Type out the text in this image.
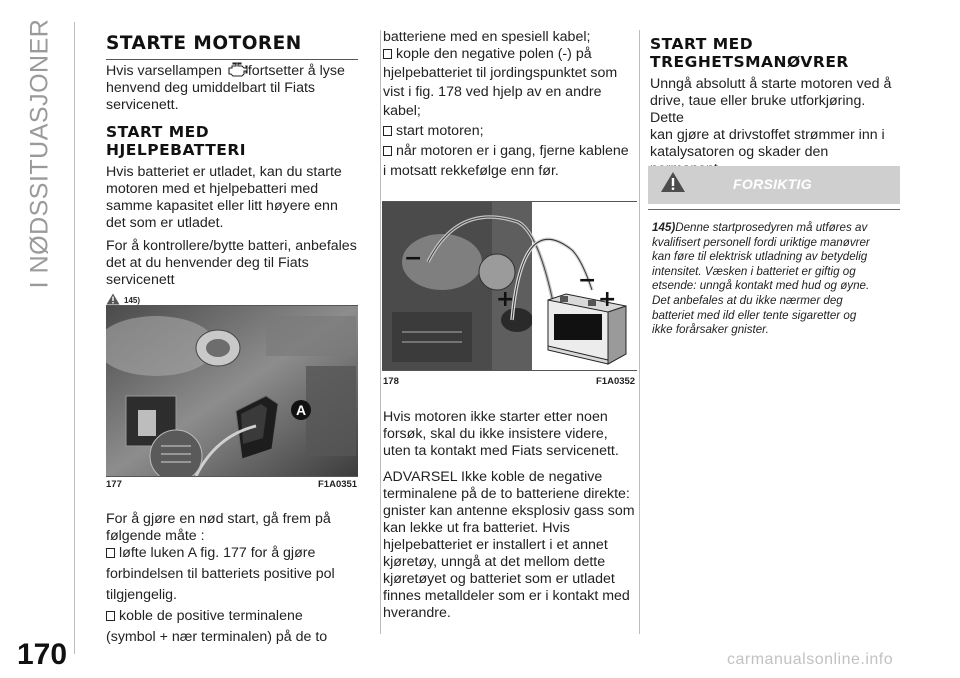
I NØDSSITUASJONER	STARTE MOTOREN

Hvis varsellampen fortsetter å lyse

henvend deg umiddelbart til Fiats

servicenett.

START MED
HJELPEBATTERI

Hvis batteriet er utladet, kan du starte

motoren med et hjelpebatteri med

samme kapasitet eller litt høyere enn

det som er utladet.

For å kontrollere/bytte batteri, anbefales

det at du henvender deg til Fiats

servicenett

145)
A
177	F1A0351

For å gjøre en nød start, gå frem på

følgende måte :

løfte luken A fig. 177 for å gjøre

forbindelsen til batteriets positive pol

tilgjengelig.

koble de positive terminalene

(symbol + nær terminalen) på de to

batteriene med en spesiell kabel;

kople den negative polen (-) på

hjelpebatteriet til jordingspunktet som

vist i fig. 178 ved hjelp av en andre

kabel;

start motoren;
når motoren er i gang, fjerne kablene

i motsatt rekkefølge enn før.

−
+
−
+
178	F1A0352

Hvis motoren ikke starter etter noen

forsøk, skal du ikke insistere videre,

uten ta kontakt med Fiats servicenett.

ADVARSEL Ikke koble de negative

terminalene på de to batteriene direkte:

gnister kan antenne eksplosiv gass som

kan lekke ut fra batteriet. Hvis

hjelpebatteriet er installert i et annet

kjøretøy, unngå at det mellom dette

kjøretøyet og batteriet som er utladet

finnes metalldeler som er i kontakt med

hverandre.

START MED
TREGHETSMANØVRER

Unngå absolutt å starte motoren ved å

drive, taue eller bruke utforkjøring. Dette

kan gjøre at drivstoffet strømmer inn i

katalysatoren og skader den

FORSIKTIG

145)Denne startprosedyren må utføres av

kvalifisert personell fordi uriktige manøvrer

kan føre til elektrisk utladning av betydelig

intensitet. Væsken i batteriet er giftig og

etsende: unngå kontakt med hud og øyne.

Det anbefales at du ikke nærmer deg

batteriet med ild eller tente sigaretter og

ikke forårsaker gnister.

170	carmanualsonline.info
